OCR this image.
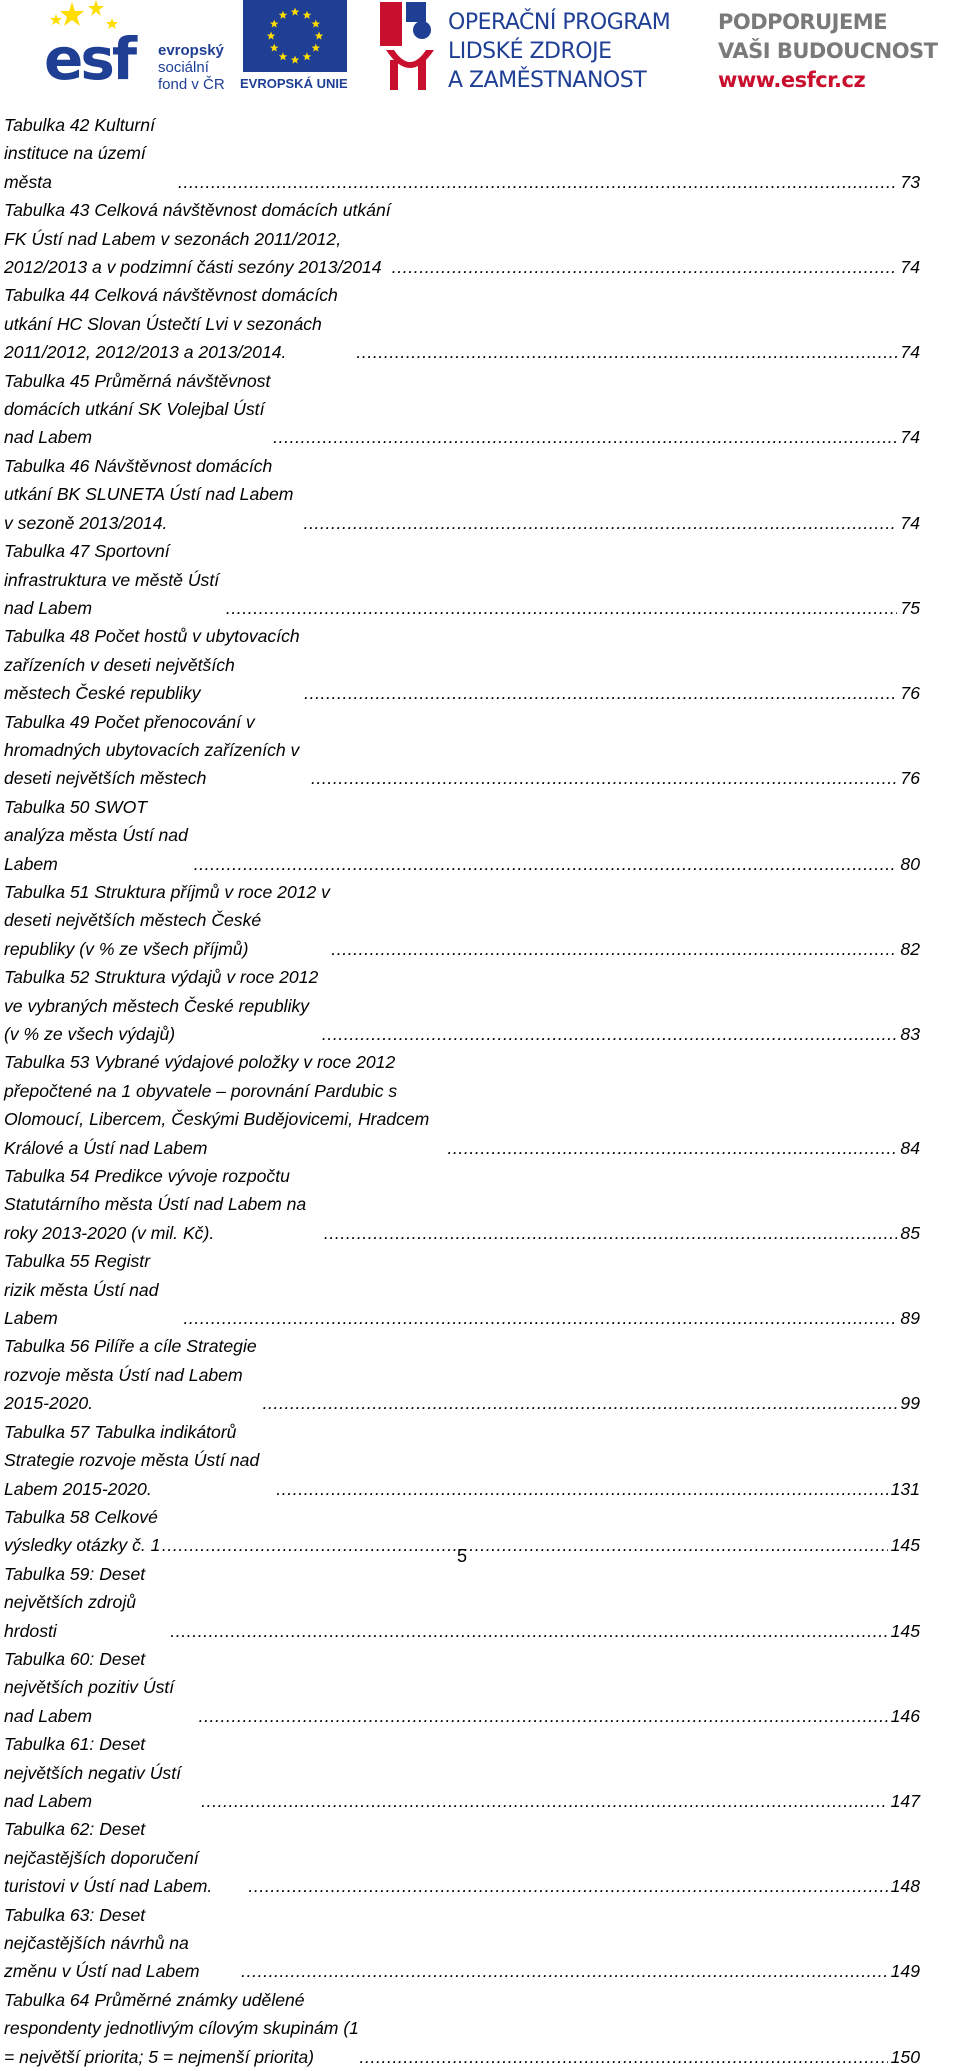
esf evropský
sociální
fond v ČR EVROPSKÁ UNIE
OPERAČNÍ PROGRAM
LIDSKÉ ZDROJE
A ZAMĚSTNANOST
PODPORUJEME
VAŠI BUDOUCNOST
www.esfcr.cz
Tabulka 42 Kulturní instituce na území města .....	73
Tabulka 43 Celková návštěvnost domácích utkání FK Ústí nad Labem v sezonách 2011/2012, 2012/2013 a v podzimní části sezóny 2013/2014 .....	74
Tabulka 44 Celková návštěvnost domácích utkání HC Slovan Ústečtí Lvi v sezonách 2011/2012, 2012/2013 a 2013/2014. .....	74
Tabulka 45 Průměrná návštěvnost domácích utkání SK Volejbal Ústí nad Labem .....	74
Tabulka 46 Návštěvnost domácích utkání BK SLUNETA Ústí nad Labem v sezoně 2013/2014. .....	74
Tabulka 47 Sportovní infrastruktura ve městě Ústí nad Labem .....	75
Tabulka 48 Počet hostů v ubytovacích zařízeních v deseti největších městech České republiky .....	76
Tabulka 49 Počet přenocování v hromadných ubytovacích zařízeních v deseti největších městech .....	76
Tabulka 50 SWOT analýza města Ústí nad Labem .....	80
Tabulka 51 Struktura příjmů v roce 2012 v deseti největších městech České republiky (v % ze všech příjmů) .....	82
Tabulka 52 Struktura výdajů v roce 2012 ve vybraných městech České republiky (v % ze všech výdajů) .....	83
Tabulka 53 Vybrané výdajové položky v roce 2012 přepočtené na 1 obyvatele – porovnání Pardubic s Olomoucí, Libercem, Českými Budějovicemi, Hradcem Králové a Ústí nad Labem .....	84
Tabulka 54 Predikce vývoje rozpočtu Statutárního města Ústí nad Labem na roky 2013-2020 (v mil. Kč). .....	85
Tabulka 55 Registr rizik města Ústí nad Labem .....	89
Tabulka 56 Pilíře a cíle Strategie rozvoje města Ústí nad Labem 2015-2020. .....	99
Tabulka 57 Tabulka indikátorů Strategie rozvoje města Ústí nad Labem 2015-2020. .....	131
Tabulka 58 Celkové výsledky otázky č. 1 .....	145
Tabulka 59: Deset největších zdrojů hrdosti .....	145
Tabulka 60: Deset největších pozitiv Ústí nad Labem .....	146
Tabulka 61: Deset největších negativ Ústí nad Labem .....	147
Tabulka 62: Deset nejčastějších doporučení turistovi v Ústí nad Labem. .....	148
Tabulka 63: Deset nejčastějších návrhů na změnu v Ústí nad Labem .....	149
Tabulka 64 Průměrné známky udělené respondenty jednotlivým cílovým skupinám (1 = největší priorita; 5 = nejmenší priorita) .....	150
5
